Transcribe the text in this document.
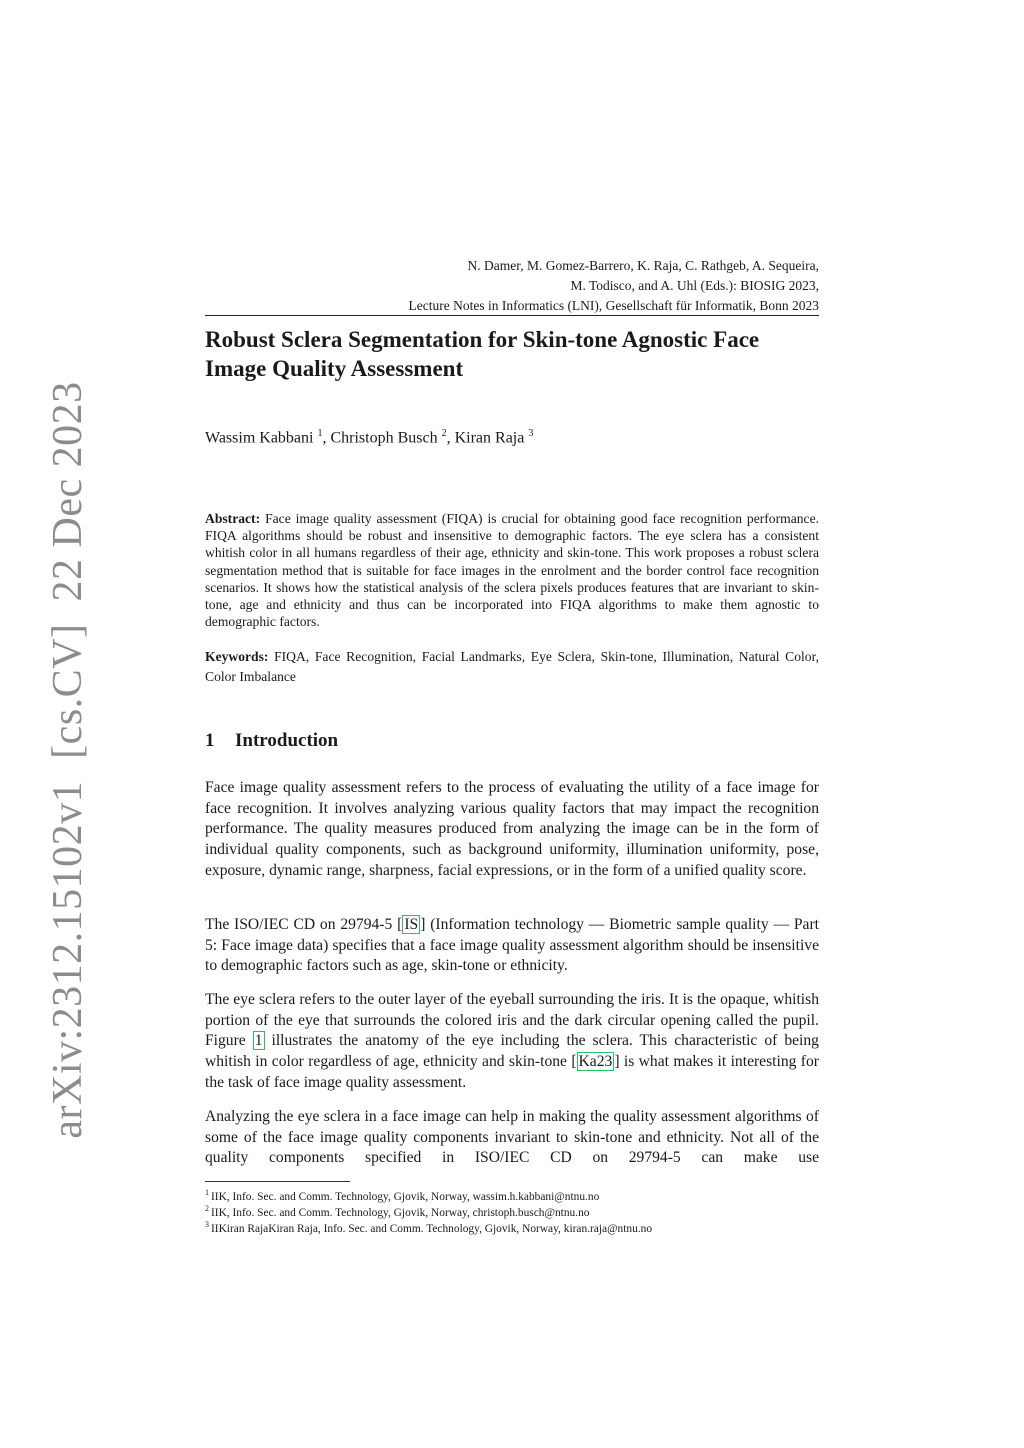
arXiv:2312.15102v1  [cs.CV]  22 Dec 2023
N. Damer, M. Gomez-Barrero, K. Raja, C. Rathgeb, A. Sequeira,
M. Todisco, and A. Uhl (Eds.): BIOSIG 2023,
Lecture Notes in Informatics (LNI), Gesellschaft für Informatik, Bonn 2023
Robust Sclera Segmentation for Skin-tone Agnostic Face Image Quality Assessment
Wassim Kabbani $^1$, Christoph Busch $^2$, Kiran Raja $^3$

Abstract: Face image quality assessment (FIQA) is crucial for obtaining good face recognition performance. FIQA algorithms should be robust and insensitive to demographic factors. The eye sclera has a consistent whitish color in all humans regardless of their age, ethnicity and skin-tone. This work proposes a robust sclera segmentation method that is suitable for face images in the enrolment and the border control face recognition scenarios. It shows how the statistical analysis of the sclera pixels produces features that are invariant to skin-tone, age and ethnicity and thus can be incorporated into FIQA algorithms to make them agnostic to demographic factors.

Keywords: FIQA, Face Recognition, Facial Landmarks, Eye Sclera, Skin-tone, Illumination, Natural Color, Color Imbalance

1 Introduction

Face image quality assessment refers to the process of evaluating the utility of a face image for face recognition. It involves analyzing various quality factors that may impact the recognition performance. The quality measures produced from analyzing the image can be in the form of individual quality components, such as background uniformity, illumination uniformity, pose, exposure, dynamic range, sharpness, facial expressions, or in the form of a unified quality score.

The ISO/IEC CD on 29794-5 [ IS ] (Information technology — Biometric sample quality — Part 5: Face image data) specifies that a face image quality assessment algorithm should be insensitive to demographic factors such as age, skin-tone or ethnicity.

The eye sclera refers to the outer layer of the eyeball surrounding the iris. It is the opaque, whitish portion of the eye that surrounds the colored iris and the dark circular opening called the pupil. Figure 1 illustrates the anatomy of the eye including the sclera. This characteristic of being whitish in color regardless of age, ethnicity and skin-tone [ Ka23 ] is what makes it interesting for the task of face image quality assessment.

Analyzing the eye sclera in a face image can help in making the quality assessment algorithms of some of the face image quality components invariant to skin-tone and ethnicity. Not all of the quality components specified in ISO/IEC CD on 29794-5 can make use

$^1$ IIK, Info. Sec. and Comm. Technology, Gjovik, Norway, wassim.h.kabbani@ntnu.no

$^2$ IIK, Info. Sec. and Comm. Technology, Gjovik, Norway, christoph.busch@ntnu.no

$^3$ IIKiran RajaKiran Raja, Info. Sec. and Comm. Technology, Gjovik, Norway, kiran.raja@ntnu.no
